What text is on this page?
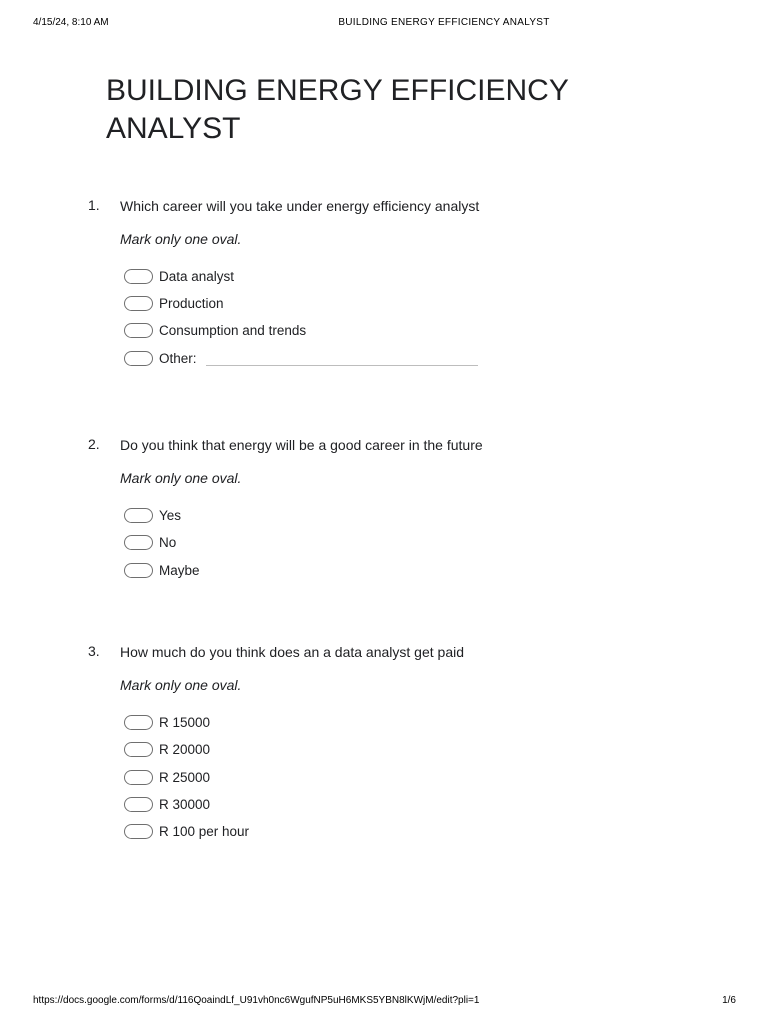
4/15/24, 8:10 AM	BUILDING ENERGY EFFICIENCY ANALYST
BUILDING ENERGY EFFICIENCY
ANALYST
1. Which career will you take under energy efficiency analyst
Mark only one oval.
Data analyst
Production
Consumption and trends
Other:
2. Do you think that energy will be a good career in the future
Mark only one oval.
Yes
No
Maybe
3. How much do you think does an a data analyst get paid
Mark only one oval.
R 15000
R 20000
R 25000
R 30000
R 100 per hour
https://docs.google.com/forms/d/116QoaindLf_U91vh0nc6WgufNP5uH6MKS5YBN8lKWjM/edit?pli=1	1/6
